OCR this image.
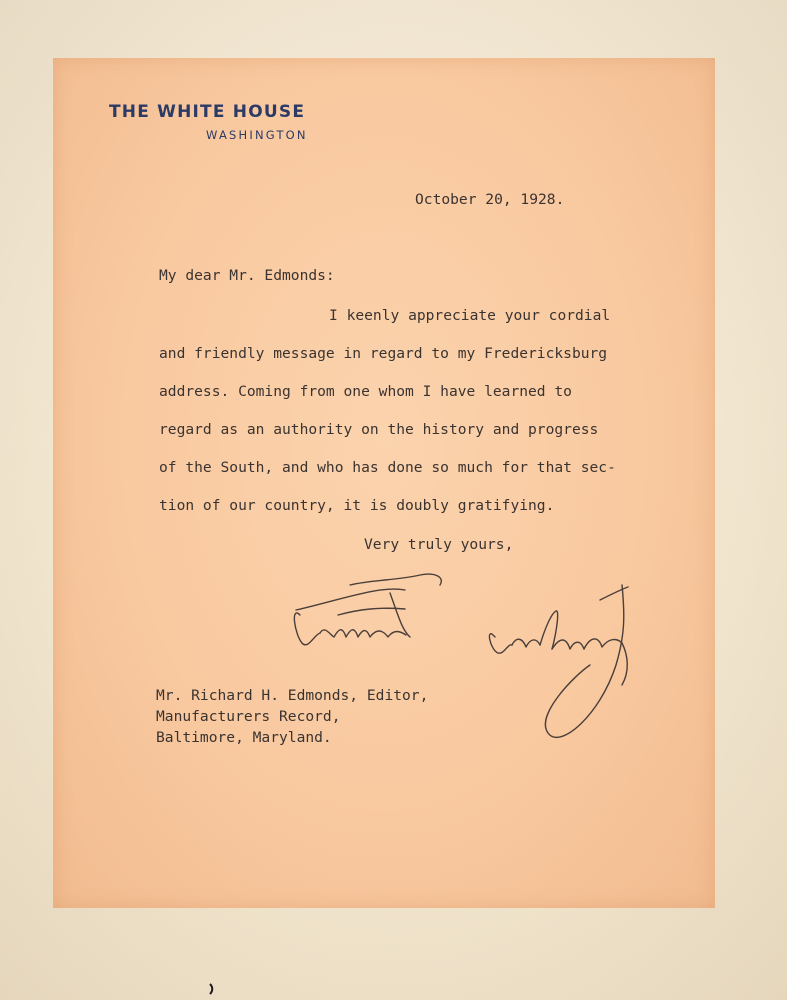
THE WHITE HOUSE
WASHINGTON
October 20, 1928.
My dear Mr. Edmonds:
I keenly appreciate your cordial
and friendly message in regard to my Fredericksburg
address. Coming from one whom I have learned to
regard as an authority on the history and progress
of the South, and who has done so much for that sec-
tion of our country, it is doubly gratifying.
Very truly yours,
Mr. Richard H. Edmonds, Editor,
Manufacturers Record,
Baltimore, Maryland.
